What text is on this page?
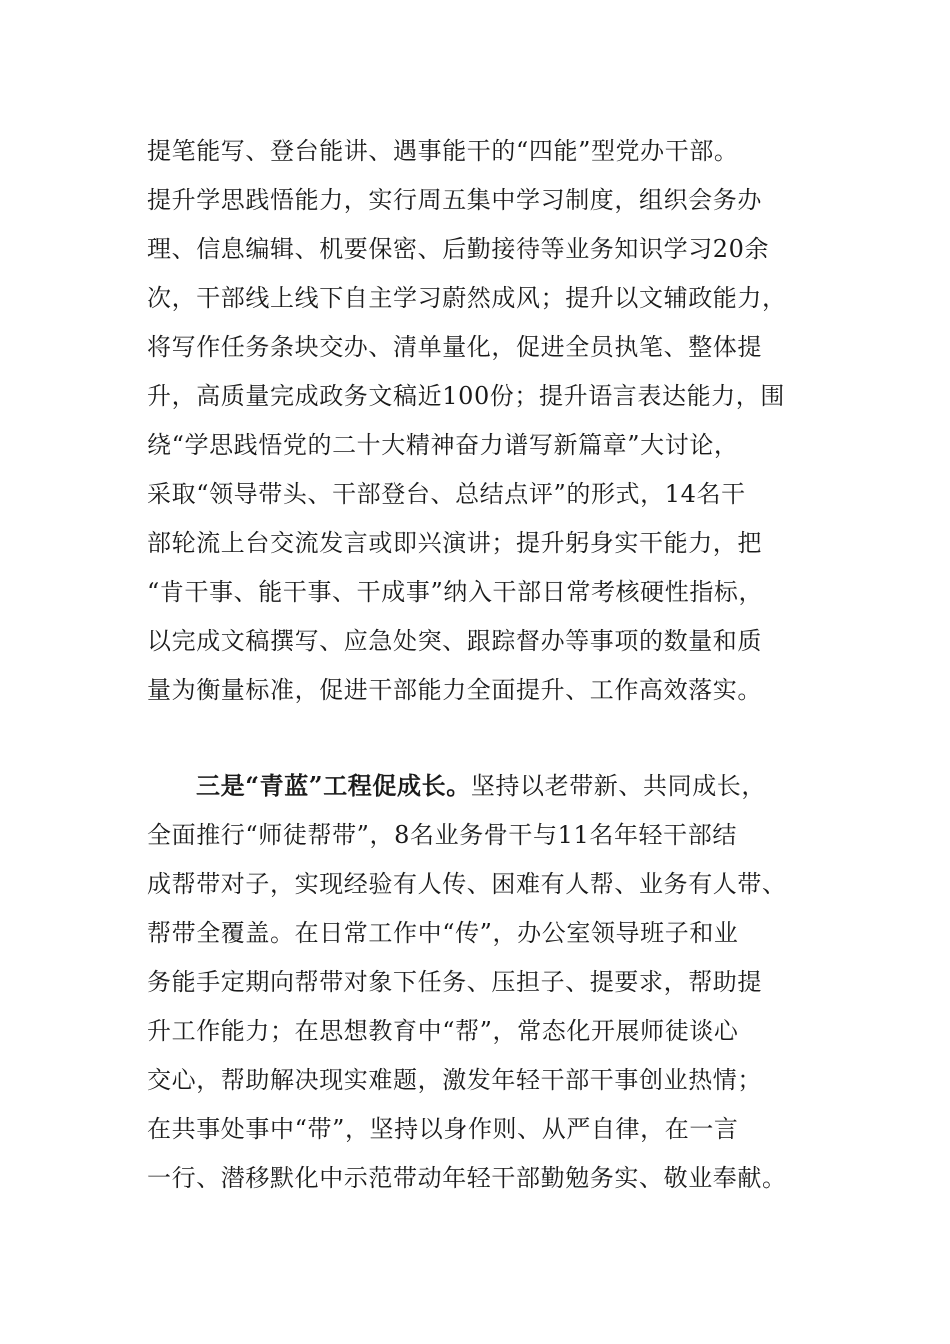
提笔能写、登台能讲、遇事能干的“四能”型党办干部。

提升学思践悟能力，实行周五集中学习制度，组织会务办

理、信息编辑、机要保密、后勤接待等业务知识学习20余

次，干部线上线下自主学习蔚然成风；提升以文辅政能力，

将写作任务条块交办、清单量化，促进全员执笔、整体提

升，高质量完成政务文稿近100份；提升语言表达能力，围

绕“学思践悟党的二十大精神奋力谱写新篇章”大讨论，

采取“领导带头、干部登台、总结点评”的形式，14名干

部轮流上台交流发言或即兴演讲；提升躬身实干能力，把

“肯干事、能干事、干成事”纳入干部日常考核硬性指标，

以完成文稿撰写、应急处突、跟踪督办等事项的数量和质

量为衡量标准，促进干部能力全面提升、工作高效落实。

三是“青蓝”工程促成长。坚持以老带新、共同成长，

全面推行“师徒帮带”，8名业务骨干与11名年轻干部结

成帮带对子，实现经验有人传、困难有人帮、业务有人带、

帮带全覆盖。在日常工作中“传”，办公室领导班子和业

务能手定期向帮带对象下任务、压担子、提要求，帮助提

升工作能力；在思想教育中“帮”，常态化开展师徒谈心

交心，帮助解决现实难题，激发年轻干部干事创业热情；

在共事处事中“带”，坚持以身作则、从严自律，在一言

一行、潜移默化中示范带动年轻干部勤勉务实、敬业奉献。
